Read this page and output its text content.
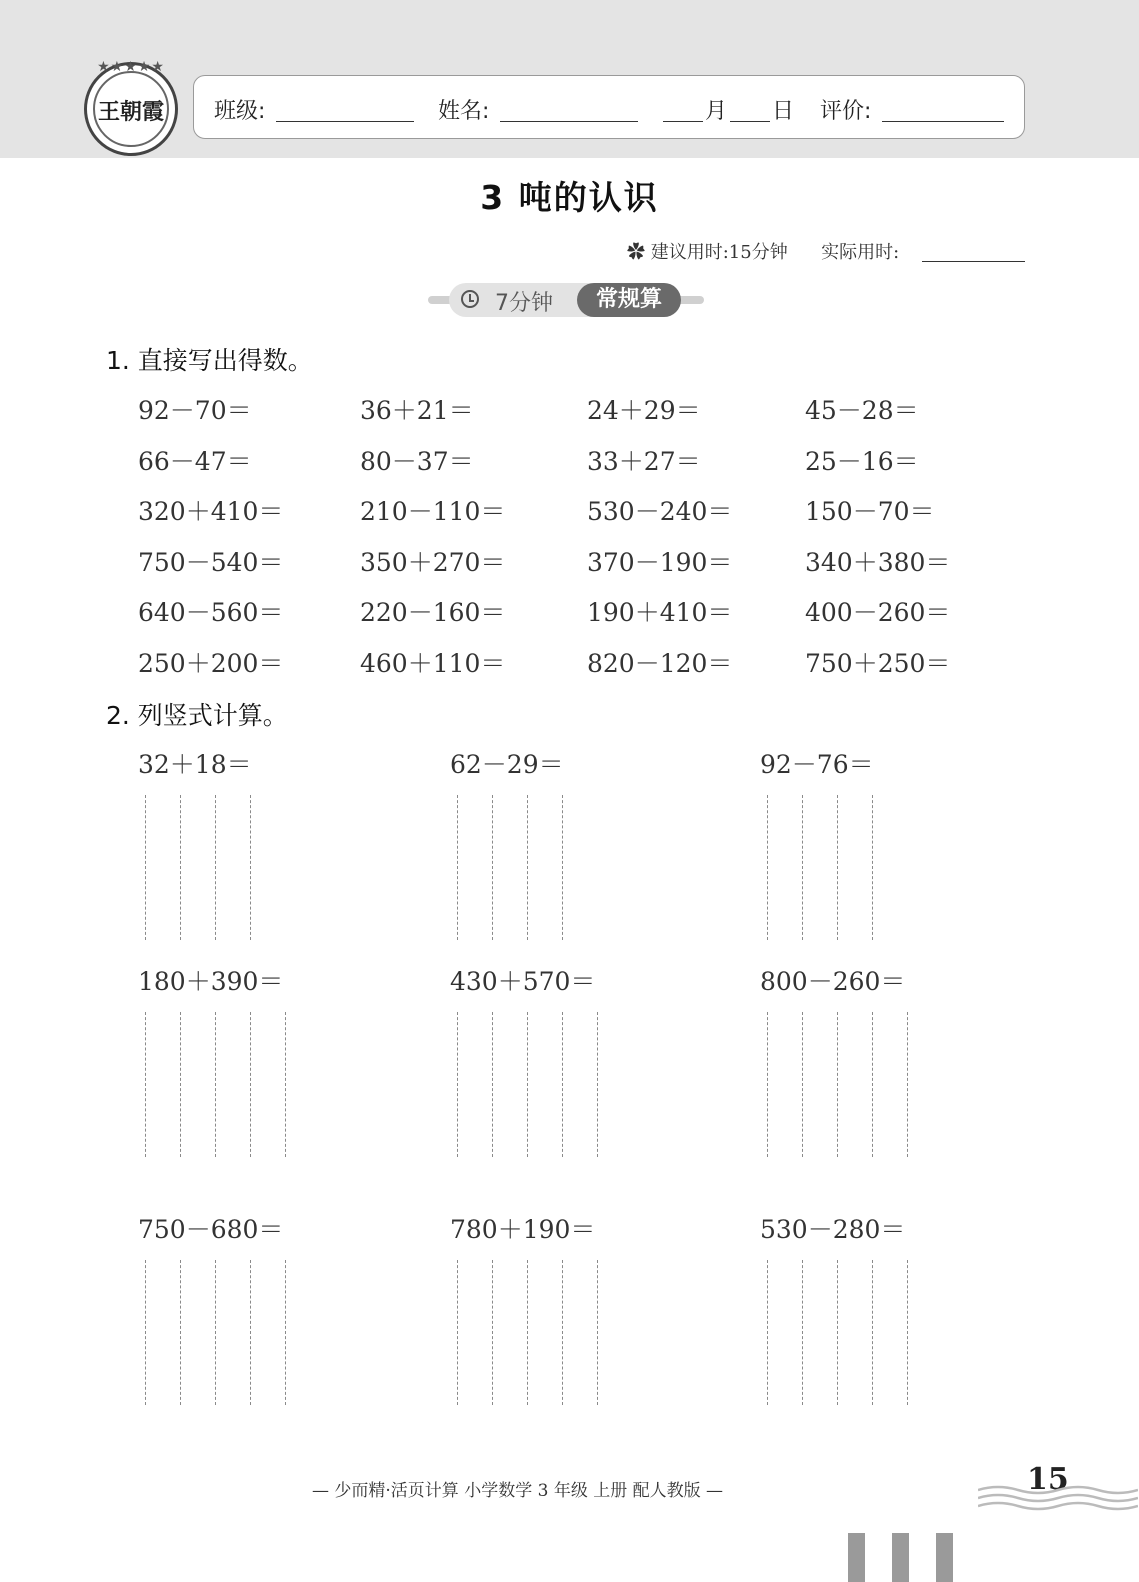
★★★★★
王朝霞	班级:	姓名:	月 日 评价:
3 吨的认识
✿ 建议用时:15分钟 实际用时:
7分钟	常规算
1. 直接写出得数。
92－70＝	36＋21＝	24＋29＝	45－28＝
66－47＝	80－37＝	33＋27＝	25－16＝
320＋410＝	210－110＝	530－240＝	150－70＝
750－540＝	350＋270＝	370－190＝	340＋380＝
640－560＝	220－160＝	190＋410＝	400－260＝
250＋200＝	460＋110＝	820－120＝	750＋250＝
2. 列竖式计算。
32＋18＝	62－29＝	92－76＝
180＋390＝	430＋570＝	800－260＝
750－680＝	780＋190＝	530－280＝
— 少而精·活页计算 小学数学 3 年级 上册 配人教版 —	15
